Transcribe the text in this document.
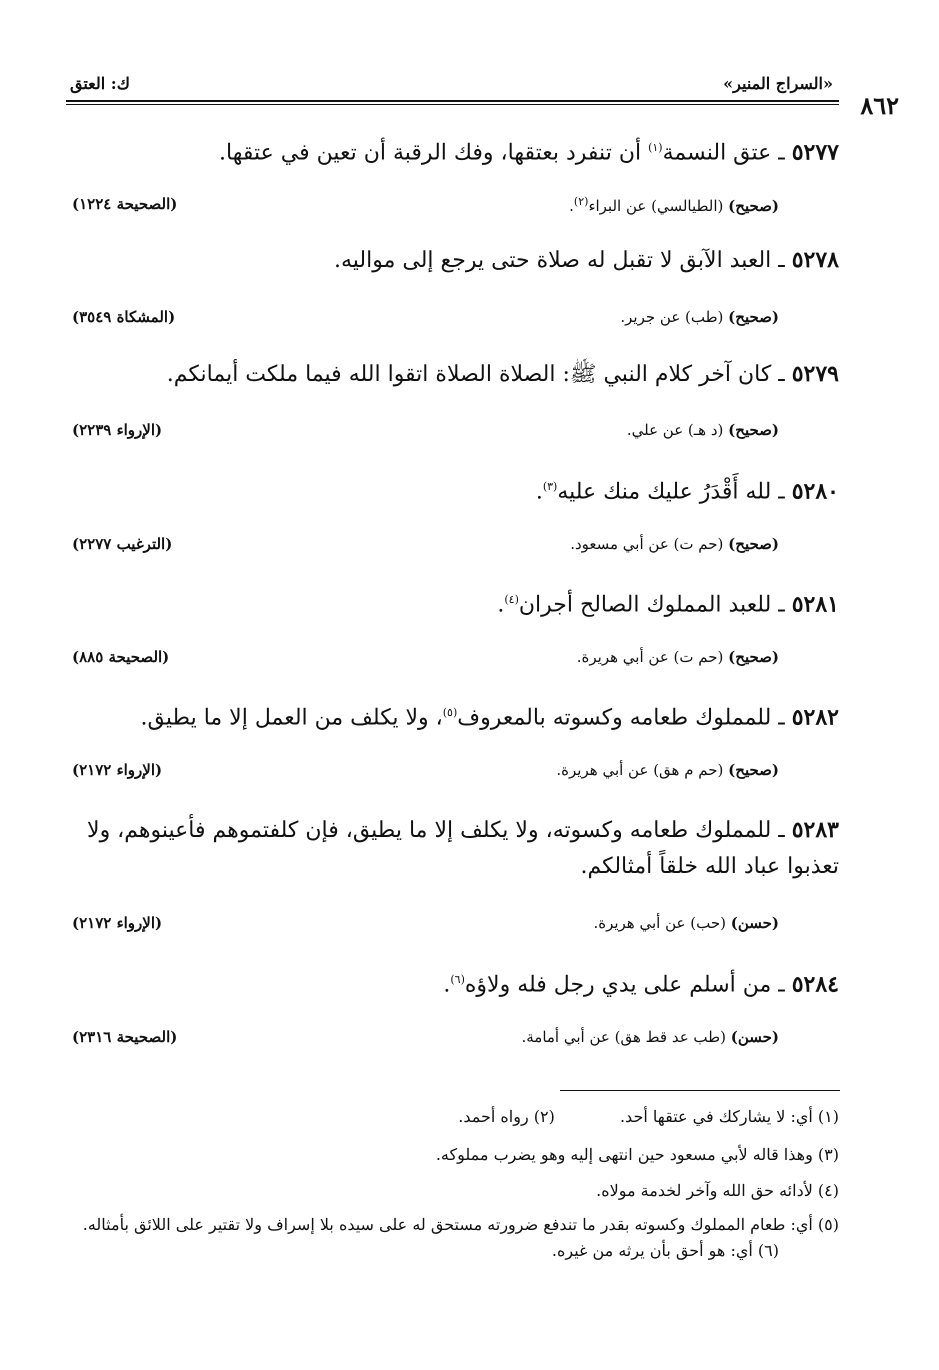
«السراج المنير»
ك: العتق
٨٦٢
٥٢٧٧ ـ عتق النسمة$^{(١)}$ أن تنفرد بعتقها، وفك الرقبة أن تعين في عتقها.
(صحيح) (الطيالسي) عن البراء$^{(٢)}$.
(الصحيحة ١٢٢٤)
٥٢٧٨ ـ العبد الآبق لا تقبل له صلاة حتى يرجع إلى مواليه.
(صحيح) (طب) عن جرير.
(المشكاة ٣٥٤٩)
٥٢٧٩ ـ كان آخر كلام النبي ﷺ: الصلاة الصلاة اتقوا الله فيما ملكت أيمانكم.
(صحيح) (د هـ) عن علي.
(الإرواء ٢٢٣٩)
٥٢٨٠ ـ لله أَقْدَرُ عليك منك عليه$^{(٣)}$.
(صحيح) (حم ت) عن أبي مسعود.
(الترغيب ٢٢٧٧)
٥٢٨١ ـ للعبد المملوك الصالح أجران$^{(٤)}$.
(صحيح) (حم ت) عن أبي هريرة.
(الصحيحة ٨٨٥)
٥٢٨٢ ـ للمملوك طعامه وكسوته بالمعروف$^{(٥)}$، ولا يكلف من العمل إلا ما يطيق.
(صحيح) (حم م هق) عن أبي هريرة.
(الإرواء ٢١٧٢)
٥٢٨٣ ـ للمملوك طعامه وكسوته، ولا يكلف إلا ما يطيق، فإن كلفتموهم فأعينوهم، ولا تعذبوا عباد الله خلقاً أمثالكم.
(حسن) (حب) عن أبي هريرة.
(الإرواء ٢١٧٢)
٥٢٨٤ ـ من أسلم على يدي رجل فله ولاؤه$^{(٦)}$.
(حسن) (طب عد قط هق) عن أبي أمامة.
(الصحيحة ٢٣١٦)
(١) أي: لا يشاركك في عتقها أحد. (٢) رواه أحمد.
(٣) وهذا قاله لأبي مسعود حين انتهى إليه وهو يضرب مملوكه.
(٤) لأدائه حق الله وآخر لخدمة مولاه.
(٥) أي: طعام المملوك وكسوته بقدر ما تندفع ضرورته مستحق له على سيده بلا إسراف ولا تقتير على اللائق بأمثاله. (٦) أي: هو أحق بأن يرثه من غيره.
